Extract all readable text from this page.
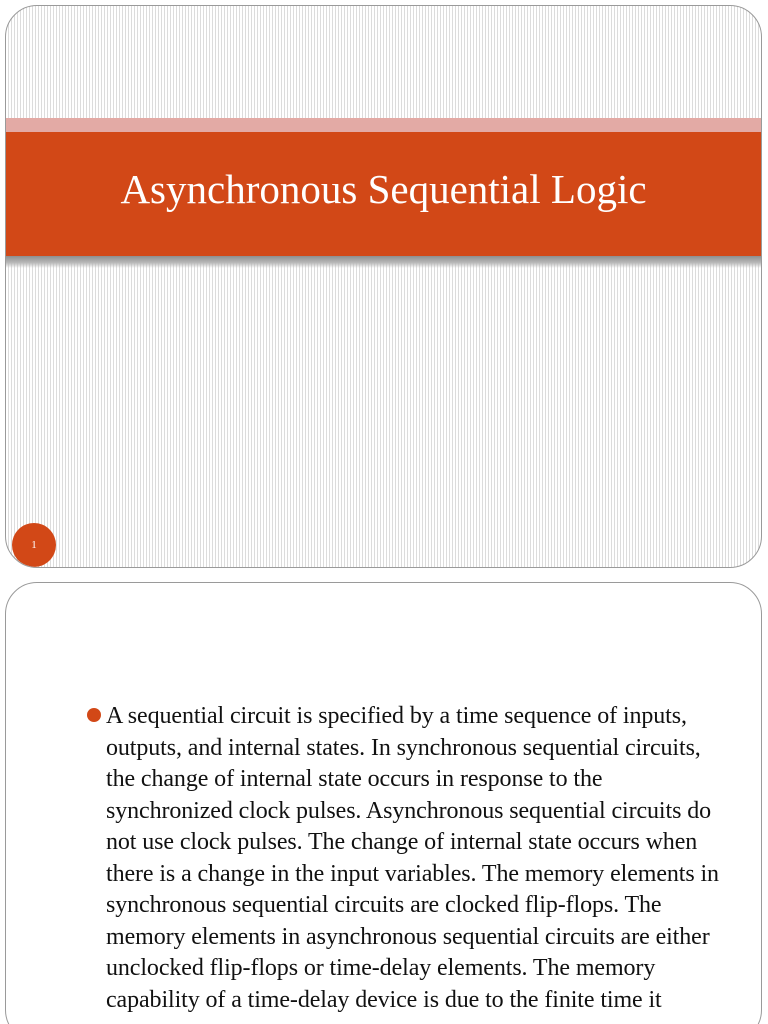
Asynchronous Sequential Logic
1

A sequential circuit is specified by a time sequence of inputs, outputs, and internal states. In synchronous sequential circuits, the change of internal state occurs in response to the synchronized clock pulses. Asynchronous sequential circuits do not use clock pulses. The change of internal state occurs when there is a change in the input variables. The memory elements in synchronous sequential circuits are clocked flip-flops. The memory elements in asynchronous sequential circuits are either unclocked flip-flops or time-delay elements. The memory capability of a time-delay device is due to the finite time it
